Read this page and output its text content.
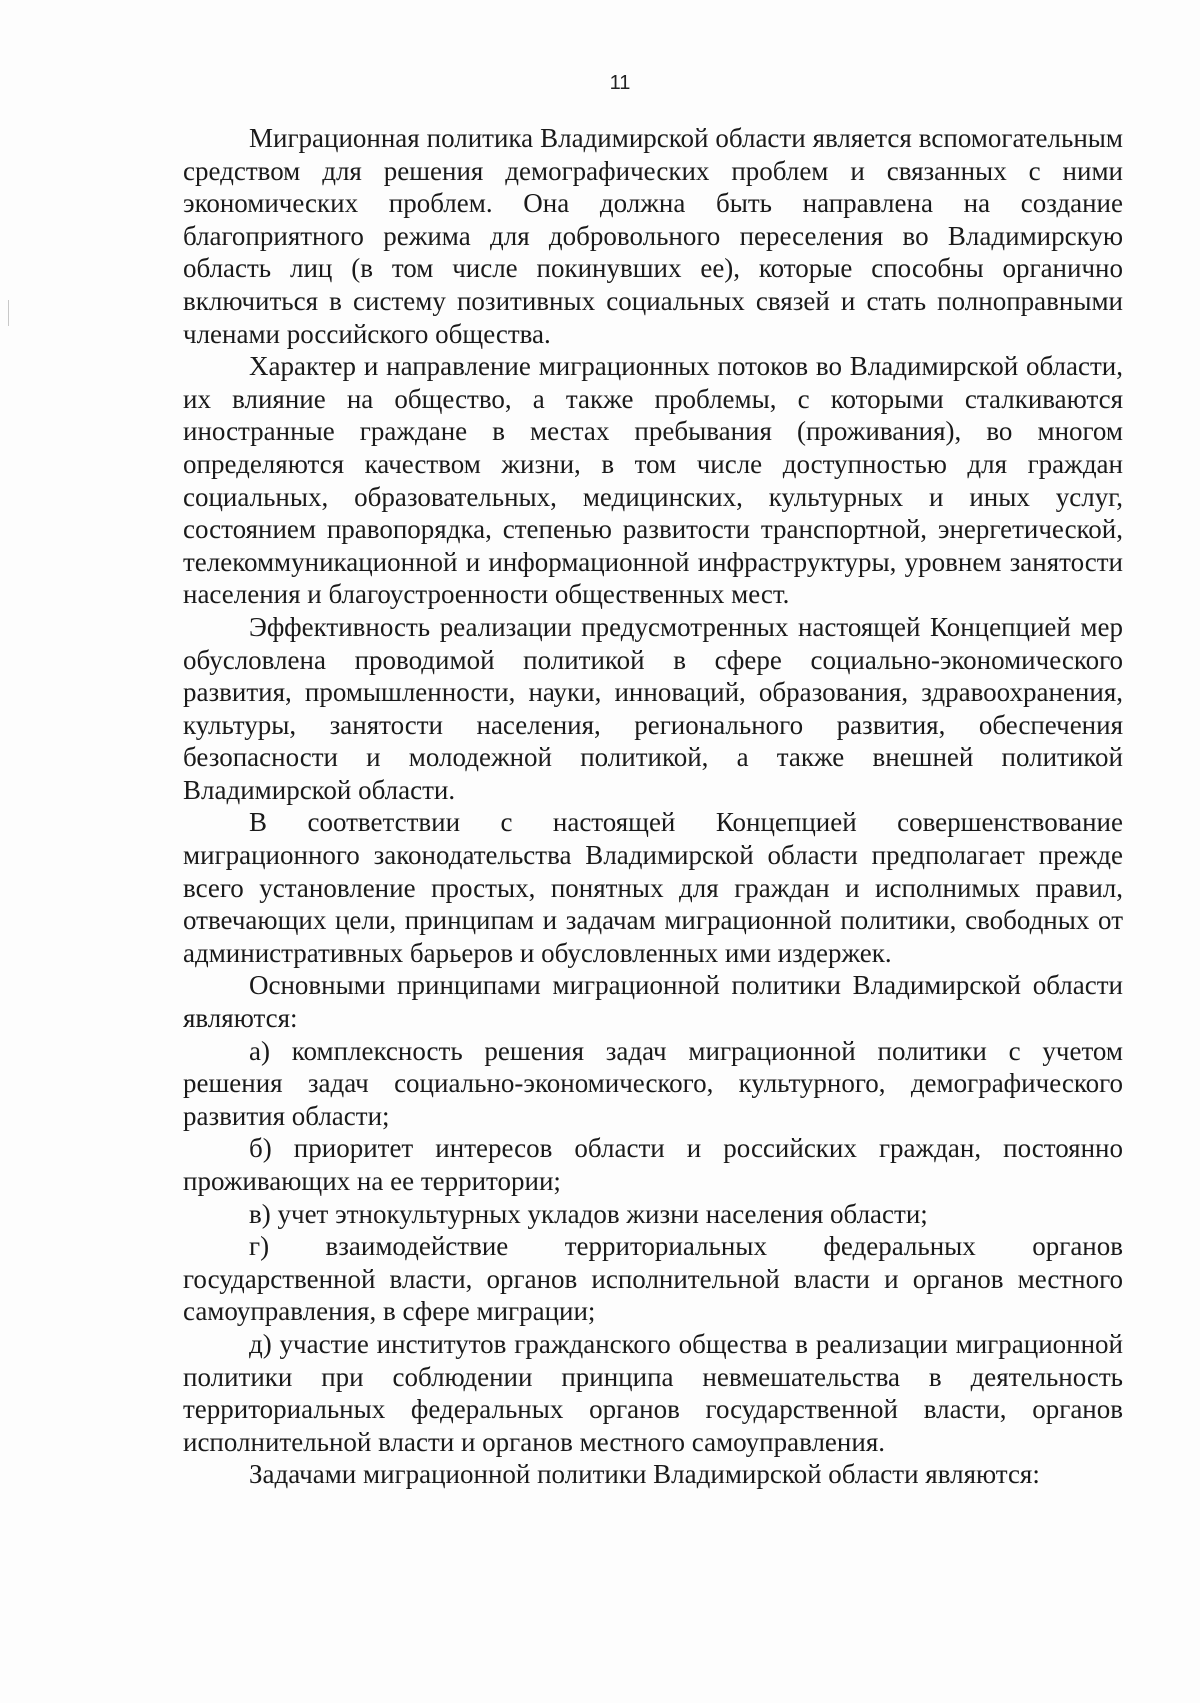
11

Миграционная политика Владимирской области является вспомогательным средством для решения демографических проблем и связанных с ними экономических проблем. Она должна быть направлена на создание благоприятного режима для добровольного переселения во Владимирскую область лиц (в том числе покинувших ее), которые способны органично включиться в систему позитивных социальных связей и стать полноправными членами российского общества.

Характер и направление миграционных потоков во Владимирской области, их влияние на общество, а также проблемы, с которыми сталкиваются иностранные граждане в местах пребывания (проживания), во многом определяются качеством жизни, в том числе доступностью для граждан социальных, образовательных, медицинских, культурных и иных услуг, состоянием правопорядка, степенью развитости транспортной, энергетической, телекоммуникационной и информационной инфраструктуры, уровнем занятости населения и благоустроенности общественных мест.

Эффективность реализации предусмотренных настоящей Концепцией мер обусловлена проводимой политикой в сфере социально-экономического развития, промышленности, науки, инноваций, образования, здравоохранения, культуры, занятости населения, регионального развития, обеспечения безопасности и молодежной политикой, а также внешней политикой Владимирской области.

В соответствии с настоящей Концепцией совершенствование миграционного законодательства Владимирской области предполагает прежде всего установление простых, понятных для граждан и исполнимых правил, отвечающих цели, принципам и задачам миграционной политики, свободных от административных барьеров и обусловленных ими издержек.

Основными принципами миграционной политики Владимирской области являются:

а) комплексность решения задач миграционной политики с учетом решения задач социально-экономического, культурного, демографического развития области;

б) приоритет интересов области и российских граждан, постоянно проживающих на ее территории;

в) учет этнокультурных укладов жизни населения области;

г) взаимодействие территориальных федеральных органов государственной власти, органов исполнительной власти и органов местного самоуправления, в сфере миграции;

д) участие институтов гражданского общества в реализации миграционной политики при соблюдении принципа невмешательства в деятельность территориальных федеральных органов государственной власти, органов исполнительной власти и органов местного самоуправления.

Задачами миграционной политики Владимирской области являются:
